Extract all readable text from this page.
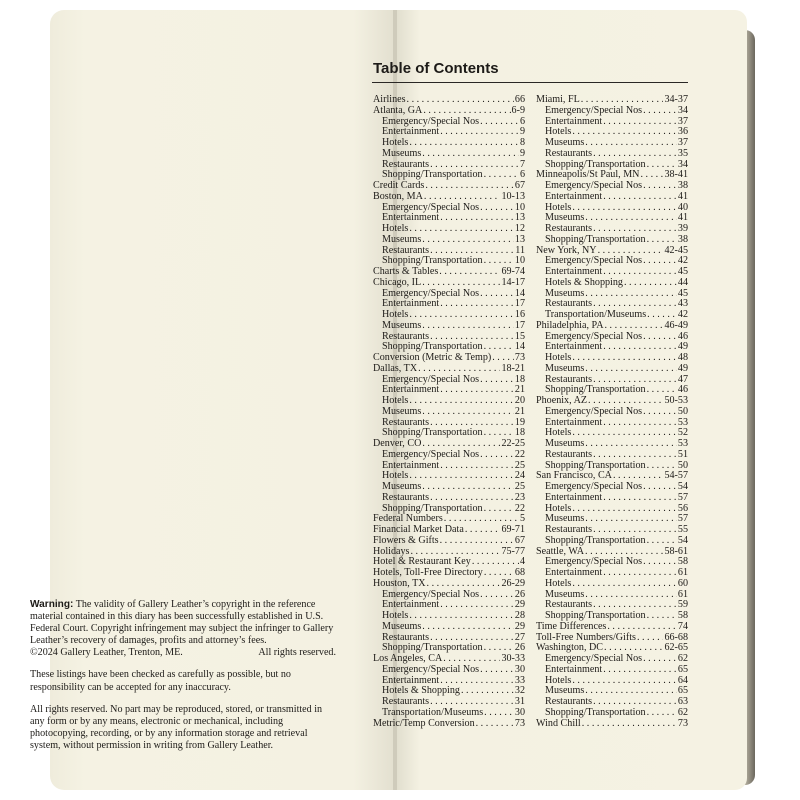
Warning: The validity of Gallery Leather’s copyright in the reference material contained in this diary has been successfully established in U.S. Federal Court. Copyright infringement may subject the infringer to Gallery Leather’s recovery of damages, profits and attorney’s fees.
©2024 Gallery Leather, Trenton, ME.	All rights reserved.

These listings have been checked as carefully as possible, but no responsibility can be accepted for any inaccuracy.

All rights reserved. No part may be reproduced, stored, or transmitted in any form or by any means, electronic or mechanical, including photocopying, recording, or by any information storage and retrieval system, without permission in writing from Gallery Leather.

Table of Contents
Airlines . . .	66
Atlanta, GA . . .	6-9
Emergency/Special Nos . . .	6
Entertainment . . .	9
Hotels . . .	8
Museums . . .	9
Restaurants . . .	7
Shopping/Transportation . . .	6
Credit Cards . . .	67
Boston, MA . . .	10-13
Emergency/Special Nos . . .	10
Entertainment . . .	13
Hotels . . .	12
Museums . . .	13
Restaurants . . .	11
Shopping/Transportation . . .	10
Charts & Tables . . .	69-74
Chicago, IL . . .	14-17
Emergency/Special Nos . . .	14
Entertainment . . .	17
Hotels . . .	16
Museums . . .	17
Restaurants . . .	15
Shopping/Transportation . . .	14
Conversion (Metric & Temp) . . . 73
Dallas, TX . . .	18-21
Emergency/Special Nos . . .	18
Entertainment . . .	21
Hotels . . .	20
Museums . . .	21
Restaurants . . .	19
Shopping/Transportation . . .	18
Denver, CO . . .	22-25
Emergency/Special Nos . . .	22
Entertainment . . .	25
Hotels . . .	24
Museums . . .	25
Restaurants . . .	23
Shopping/Transportation . . .	22
Federal Numbers . . .	5
Financial Market Data . . .	69-71
Flowers & Gifts . . .	67
Holidays . . .	75-77
Hotel & Restaurant Key . . .	4
Hotels, Toll-Free Directory . . .	68
Houston, TX . . .	26-29
Emergency/Special Nos . . .	26
Entertainment . . .	29
Hotels . . .	28
Museums . . .	29
Restaurants . . .	27
Shopping/Transportation . . .	26
Los Angeles, CA . . .	30-33
Emergency/Special Nos . . .	30
Entertainment . . .	33
Hotels & Shopping . . .	32
Restaurants . . .	31
Transportation/Museums . . .	30
Metric/Temp Conversion . . .	73
Miami, FL . . .	34-37
Emergency/Special Nos . . .	34
Entertainment . . .	37
Hotels . . .	36
Museums . . .	37
Restaurants . . .	35
Shopping/Transportation . . .	34
Minneapolis/St Paul, MN . . . 38-41
Emergency/Special Nos . . .	38
Entertainment . . .	41
Hotels . . .	40
Museums . . .	41
Restaurants . . .	39
Shopping/Transportation . . .	38
New York, NY . . .	42-45
Emergency/Special Nos . . .	42
Entertainment . . .	45
Hotels & Shopping . . .	44
Museums . . .	45
Restaurants . . .	43
Transportation/Museums . . .	42
Philadelphia, PA . . .	46-49
Emergency/Special Nos . . .	46
Entertainment . . .	49
Hotels . . .	48
Museums . . .	49
Restaurants . . .	47
Shopping/Transportation . . .	46
Phoenix, AZ . . .	50-53
Emergency/Special Nos . . .	50
Entertainment . . .	53
Hotels . . .	52
Museums . . .	53
Restaurants . . .	51
Shopping/Transportation . . .	50
San Francisco, CA . . .	54-57
Emergency/Special Nos . . .	54
Entertainment . . .	57
Hotels . . .	56
Museums . . .	57
Restaurants . . .	55
Shopping/Transportation . . .	54
Seattle, WA . . .	58-61
Emergency/Special Nos . . .	58
Entertainment . . .	61
Hotels . . .	60
Museums . . .	61
Restaurants . . .	59
Shopping/Transportation . . .	58
Time Differences . . .	74
Toll-Free Numbers/Gifts . . .	66-68
Washington, DC . . .	62-65
Emergency/Special Nos . . .	62
Entertainment . . .	65
Hotels . . .	64
Museums . . .	65
Restaurants . . .	63
Shopping/Transportation . . .	62
Wind Chill . . .	73
